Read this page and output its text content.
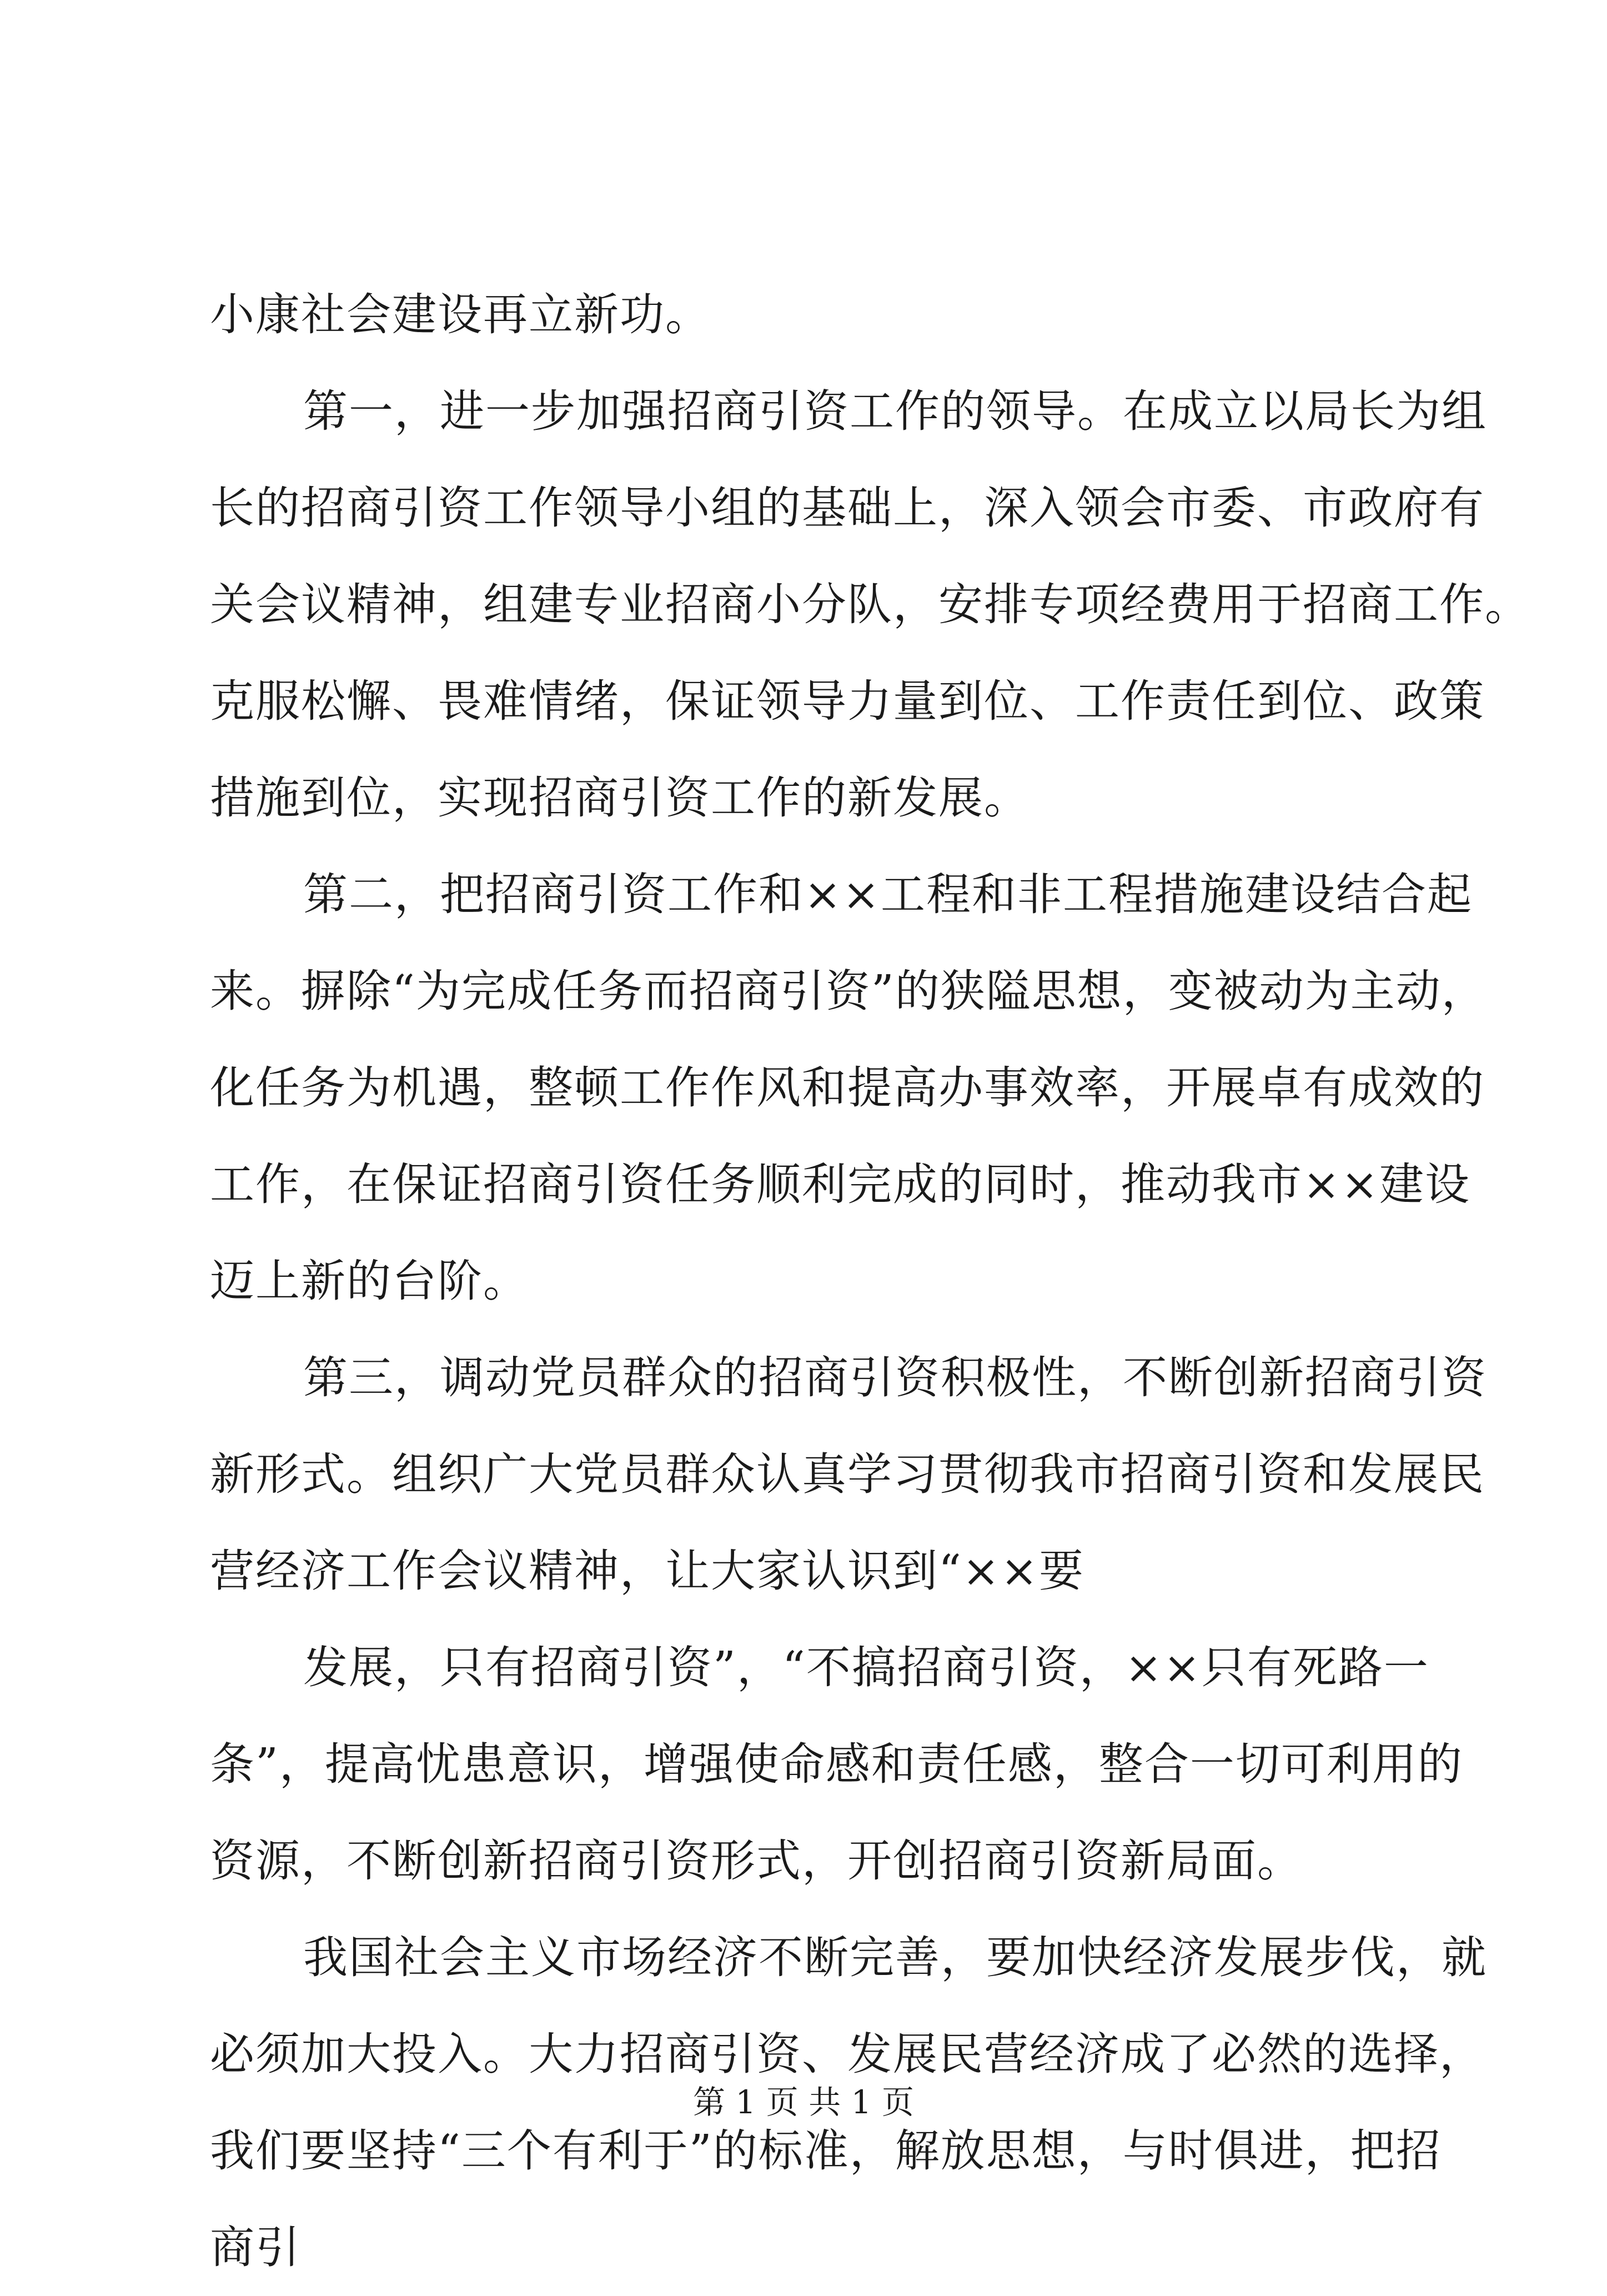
小康社会建设再立新功。
第一，进一步加强招商引资工作的领导。在成立以局长为组
长的招商引资工作领导小组的基础上，深入领会市委、市政府有
关会议精神，组建专业招商小分队，安排专项经费用于招商工作。
克服松懈、畏难情绪，保证领导力量到位、工作责任到位、政策
措施到位，实现招商引资工作的新发展。
第二，把招商引资工作和××工程和非工程措施建设结合起
来。摒除“为完成任务而招商引资”的狭隘思想，变被动为主动，
化任务为机遇，整顿工作作风和提高办事效率，开展卓有成效的
工作，在保证招商引资任务顺利完成的同时，推动我市××建设
迈上新的台阶。
第三，调动党员群众的招商引资积极性，不断创新招商引资
新形式。组织广大党员群众认真学习贯彻我市招商引资和发展民
营经济工作会议精神，让大家认识到“××要
发展，只有招商引资”，“不搞招商引资，××只有死路一
条”，提高忧患意识，增强使命感和责任感，整合一切可利用的
资源，不断创新招商引资形式，开创招商引资新局面。
我国社会主义市场经济不断完善，要加快经济发展步伐，就
必须加大投入。大力招商引资、发展民营经济成了必然的选择，
我们要坚持“三个有利于”的标准，解放思想，与时俱进，把招
商引
第 1 页 共 1 页
